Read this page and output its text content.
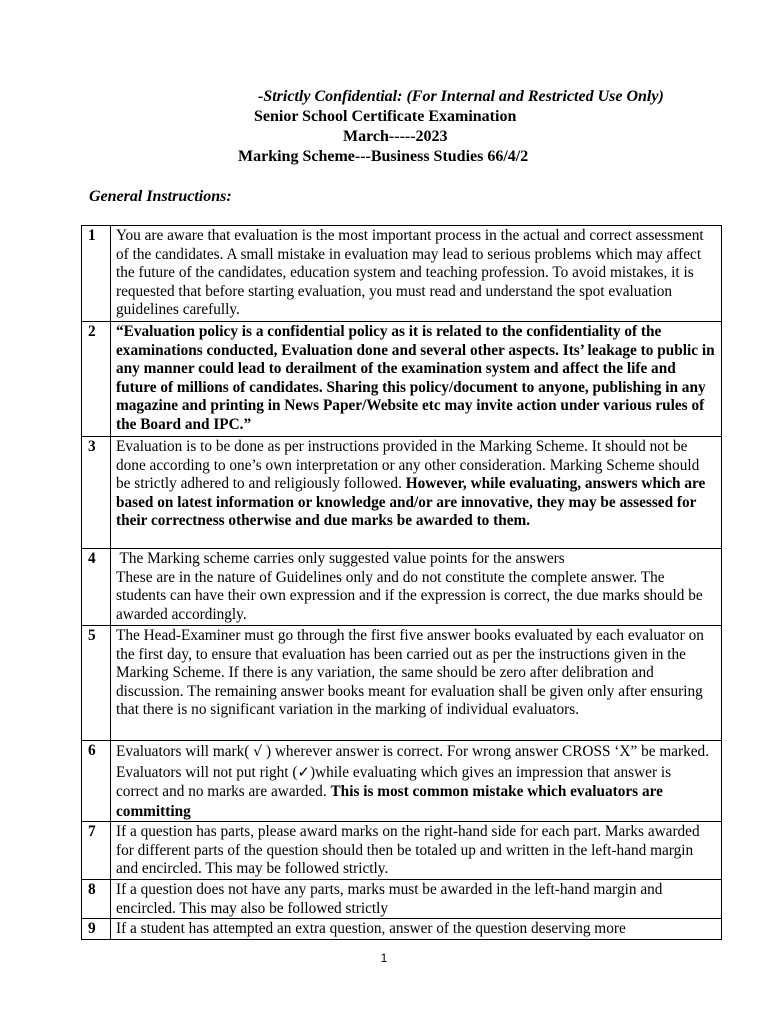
-Strictly Confidential: (For Internal and Restricted Use Only)
Senior School Certificate Examination
March-----2023
Marking Scheme---Business Studies 66/4/2
General Instructions:
1	You are aware that evaluation is the most important process in the actual and correct assessment of the candidates. A small mistake in evaluation may lead to serious problems which may affect the future of the candidates, education system and teaching profession. To avoid mistakes, it is requested that before starting evaluation, you must read and understand the spot evaluation guidelines carefully.
2	“Evaluation policy is a confidential policy as it is related to the confidentiality of the examinations conducted, Evaluation done and several other aspects. Its’ leakage to public in any manner could lead to derailment of the examination system and affect the life and future of millions of candidates. Sharing this policy/document to anyone, publishing in any magazine and printing in News Paper/Website etc may invite action under various rules of the Board and IPC.”
3	Evaluation is to be done as per instructions provided in the Marking Scheme. It should not be done according to one’s own interpretation or any other consideration. Marking Scheme should be strictly adhered to and religiously followed. However, while evaluating, answers which are based on latest information or knowledge and/or are innovative, they may be assessed for their correctness otherwise and due marks be awarded to them.
4	The Marking scheme carries only suggested value points for the answers
These are in the nature of Guidelines only and do not constitute the complete answer. The students can have their own expression and if the expression is correct, the due marks should be awarded accordingly.

5	The Head-Examiner must go through the first five answer books evaluated by each evaluator on the first day, to ensure that evaluation has been carried out as per the instructions given in the Marking Scheme. If there is any variation, the same should be zero after delibration and discussion. The remaining answer books meant for evaluation shall be given only after ensuring that there is no significant variation in the marking of individual evaluators.
6	Evaluators will mark( √ ) wherever answer is correct. For wrong answer CROSS ‘X” be marked. Evaluators will not put right (✓)while evaluating which gives an impression that answer is correct and no marks are awarded. This is most common mistake which evaluators are committing
7	If a question has parts, please award marks on the right-hand side for each part. Marks awarded for different parts of the question should then be totaled up and written in the left-hand margin and encircled. This may be followed strictly.
8	If a question does not have any parts, marks must be awarded in the left-hand margin and encircled. This may also be followed strictly
9	If a student has attempted an extra question, answer of the question deserving more
1
